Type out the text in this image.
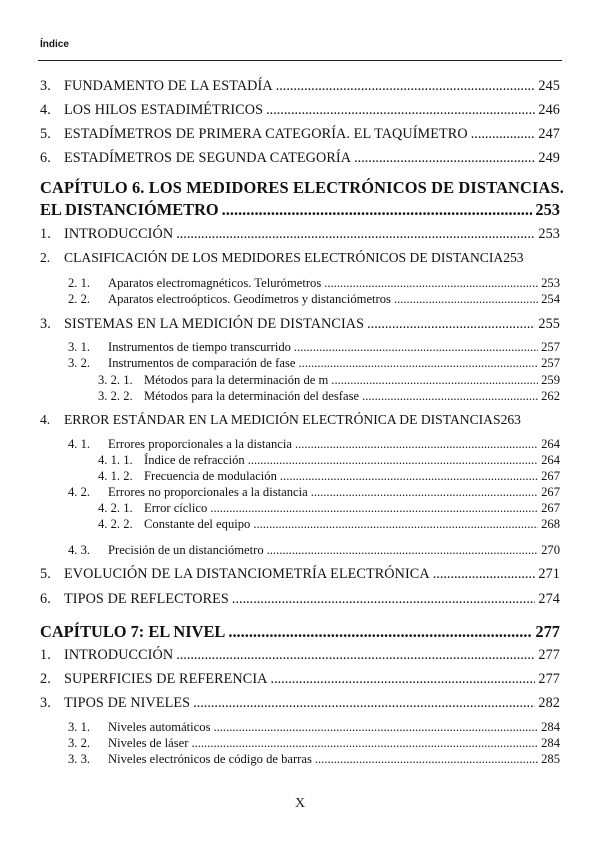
Índice
3. FUNDAMENTO DE LA ESTADÍA .....	245
4. LOS HILOS ESTADIMÉTRICOS .....	246
5. ESTADÍMETROS DE PRIMERA CATEGORÍA. EL TAQUÍMETRO .....	247
6. ESTADÍMETROS DE SEGUNDA CATEGORÍA .....	249
CAPÍTULO 6. LOS MEDIDORES ELECTRÓNICOS DE DISTANCIAS.
EL DISTANCIÓMETRO .....	253
1. INTRODUCCIÓN .....	253
2.	CLASIFICACIÓN DE LOS MEDIDORES ELECTRÓNICOS DE DISTANCIA 253
2. 1.	Aparatos electromagnéticos. Telurómetros .....	253
2. 2.	Aparatos electroópticos. Geodímetros y distanciómetros .....	254
3. SISTEMAS EN LA MEDICIÓN DE DISTANCIAS .....	255
3. 1.	Instrumentos de tiempo transcurrido .....	257
3. 2.	Instrumentos de comparación de fase .....	257
3. 2. 1. Métodos para la determinación de m .....	259
3. 2. 2. Métodos para la determinación del desfase .....	262
4.	ERROR ESTÁNDAR EN LA MEDICIÓN ELECTRÓNICA DE DISTANCIAS 263
4. 1.	Errores proporcionales a la distancia .....	264
4. 1. 1. Índice de refracción .....	264
4. 1. 2. Frecuencia de modulación .....	267
4. 2.	Errores no proporcionales a la distancia .....	267
4. 2. 1. Error cíclico .....	267
4. 2. 2. Constante del equipo .....	268
4. 3.	Precisión de un distanciómetro .....	270
5. EVOLUCIÓN DE LA DISTANCIOMETRÍA ELECTRÓNICA .....	271
6. TIPOS DE REFLECTORES .....	274
CAPÍTULO 7: EL NIVEL .....	277
1. INTRODUCCIÓN .....	277
2. SUPERFICIES DE REFERENCIA .....	277
3. TIPOS DE NIVELES .....	282
3. 1.	Niveles automáticos .....	284
3. 2.	Niveles de láser .....	284
3. 3.	Niveles electrónicos de código de barras .....	285
X
